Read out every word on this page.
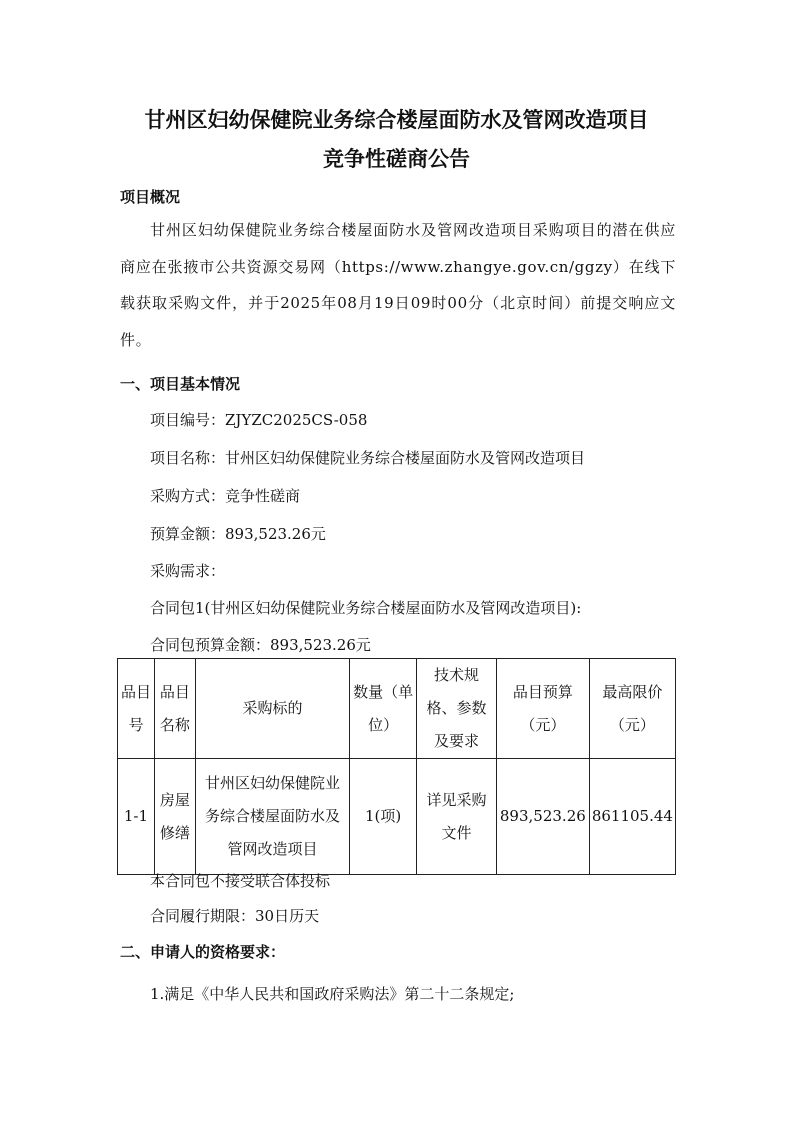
甘州区妇幼保健院业务综合楼屋面防水及管网改造项目
竞争性磋商公告
项目概况
甘州区妇幼保健院业务综合楼屋面防水及管网改造项目采购项目的潜在供应商应在张掖市公共资源交易网（https://www.zhangye.gov.cn/ggzy）在线下载获取采购文件，并于2025年08月19日09时00分（北京时间）前提交响应文件。
一、项目基本情况
项目编号：ZJYZC2025CS-058
项目名称：甘州区妇幼保健院业务综合楼屋面防水及管网改造项目
采购方式：竞争性磋商
预算金额：893,523.26元
采购需求：
合同包1(甘州区妇幼保健院业务综合楼屋面防水及管网改造项目):
合同包预算金额：893,523.26元
品目号	品目名称	采购标的	数量（单位）	技术规格、参数及要求	品目预算（元）	最高限价（元）
1-1	房屋修缮	甘州区妇幼保健院业务综合楼屋面防水及管网改造项目	1(项)	详见采购文件	893,523.26	861105.44
本合同包不接受联合体投标
合同履行期限：30日历天
二、申请人的资格要求：
1.满足《中华人民共和国政府采购法》第二十二条规定;
